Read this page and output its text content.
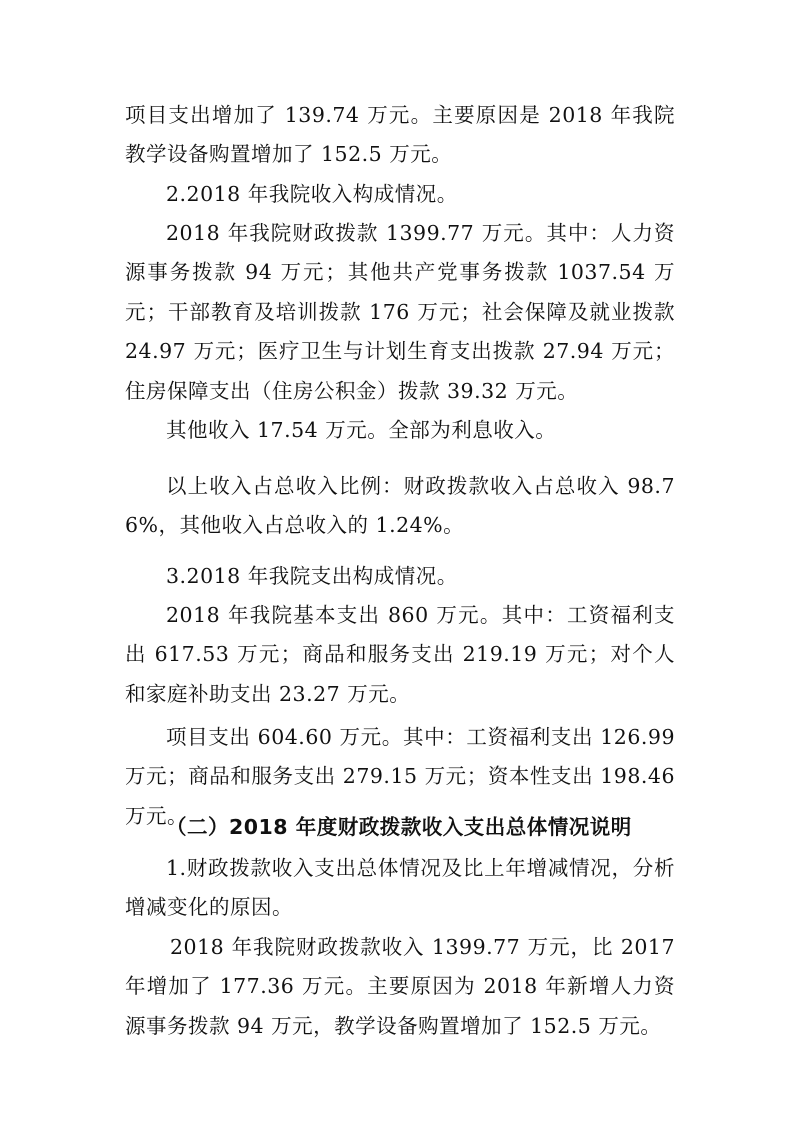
项目支出增加了 139.74 万元。主要原因是 2018 年我院教学设备购置增加了 152.5 万元。

2.2018 年我院收入构成情况。

2018 年我院财政拨款 1399.77 万元。其中：人力资源事务拨款 94 万元；其他共产党事务拨款 1037.54 万元；干部教育及培训拨款 176 万元；社会保障及就业拨款 24.97 万元；医疗卫生与计划生育支出拨款 27.94 万元；住房保障支出（住房公积金）拨款 39.32 万元。

其他收入 17.54 万元。全部为利息收入。

以上收入占总收入比例：财政拨款收入占总收入 98.76%，其他收入占总收入的 1.24%。

3.2018 年我院支出构成情况。

2018 年我院基本支出 860 万元。其中：工资福利支出 617.53 万元；商品和服务支出 219.19 万元；对个人和家庭补助支出 23.27 万元。

项目支出 604.60 万元。其中：工资福利支出 126.99 万元；商品和服务支出 279.15 万元；资本性支出 198.46 万元。

（二）2018 年度财政拨款收入支出总体情况说明

1.财政拨款收入支出总体情况及比上年增减情况，分析增减变化的原因。

2018 年我院财政拨款收入 1399.77 万元，比 2017 年增加了 177.36 万元。主要原因为 2018 年新增人力资源事务拨款 94 万元，教学设备购置增加了 152.5 万元。
